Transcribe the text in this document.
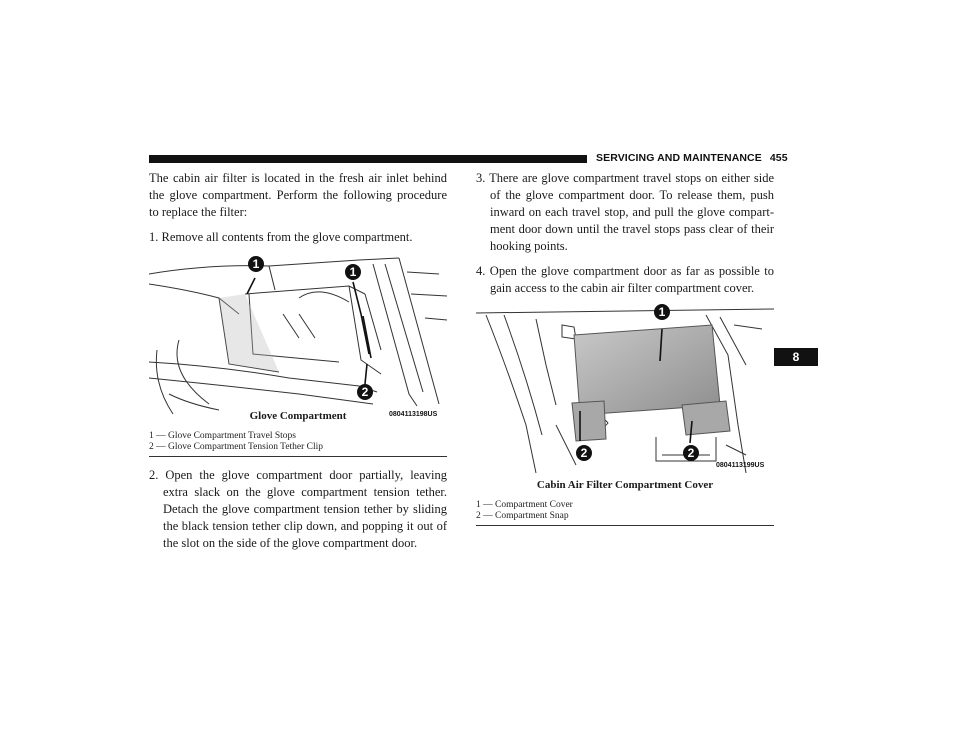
SERVICING AND MAINTENANCE 455
8

The cabin air filter is located in the fresh air inlet behind the glove compartment. Perform the following procedure to replace the filter:

1. Remove all contents from the glove compartment.

1
1
2
0804113198US
Glove Compartment
1 — Glove Compartment Travel Stops
2 — Glove Compartment Tension Tether Clip

2. Open the glove compartment door partially, leaving extra slack on the glove compartment tension tether. Detach the glove compartment tension tether by sliding the black tension tether clip down, and popping it out of the slot on the side of the glove compartment door.

3. There are glove compartment travel stops on either side of the glove compartment door. To release them, push inward on each travel stop, and pull the glove compart-ment door down until the travel stops pass clear of their hooking points.

4. Open the glove compartment door as far as possible to gain access to the cabin air filter compartment cover.

1
2	2
0804113199US
Cabin Air Filter Compartment Cover
1 — Compartment Cover
2 — Compartment Snap
